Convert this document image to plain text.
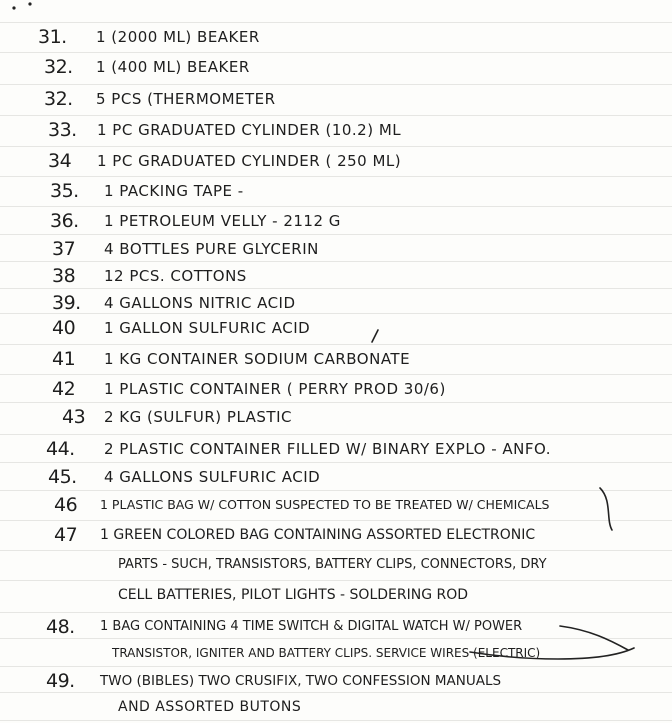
31. 1 (2000 ML) BEAKER
32. 1 (400 ML) BEAKER
32. 5 PCS (THERMOMETER
33. 1 PC GRADUATED CYLINDER (10.2) ML
34 1 PC GRADUATED CYLINDER ( 250 ML)
35. 1 PACKING TAPE -
36. 1 PETROLEUM VELLY - 2112 G
37 4 BOTTLES PURE GLYCERIN
38 12 PCS. COTTONS
39. 4 GALLONS NITRIC ACID
40 1 GALLON SULFURIC ACID
41 1 KG CONTAINER SODIUM CARBONATE
42 1 PLASTIC CONTAINER ( PERRY PROD 30/6)
43 2 KG (SULFUR) PLASTIC
44. 2 PLASTIC CONTAINER FILLED W/ BINARY EXPLO - ANFO.
45. 4 GALLONS SULFURIC ACID
46 1 PLASTIC BAG W/ COTTON SUSPECTED TO BE TREATED W/ CHEMICALS
47 1 GREEN COLORED BAG CONTAINING ASSORTED ELECTRONIC
PARTS - SUCH, TRANSISTORS, BATTERY CLIPS, CONNECTORS, DRY
CELL BATTERIES, PILOT LIGHTS - SOLDERING ROD
48. 1 BAG CONTAINING 4 TIME SWITCH & DIGITAL WATCH W/ POWER
TRANSISTOR, IGNITER AND BATTERY CLIPS. SERVICE WIRES (ELECTRIC)
49. TWO (BIBLES) TWO CRUSIFIX, TWO CONFESSION MANUALS
AND ASSORTED BUTONS
